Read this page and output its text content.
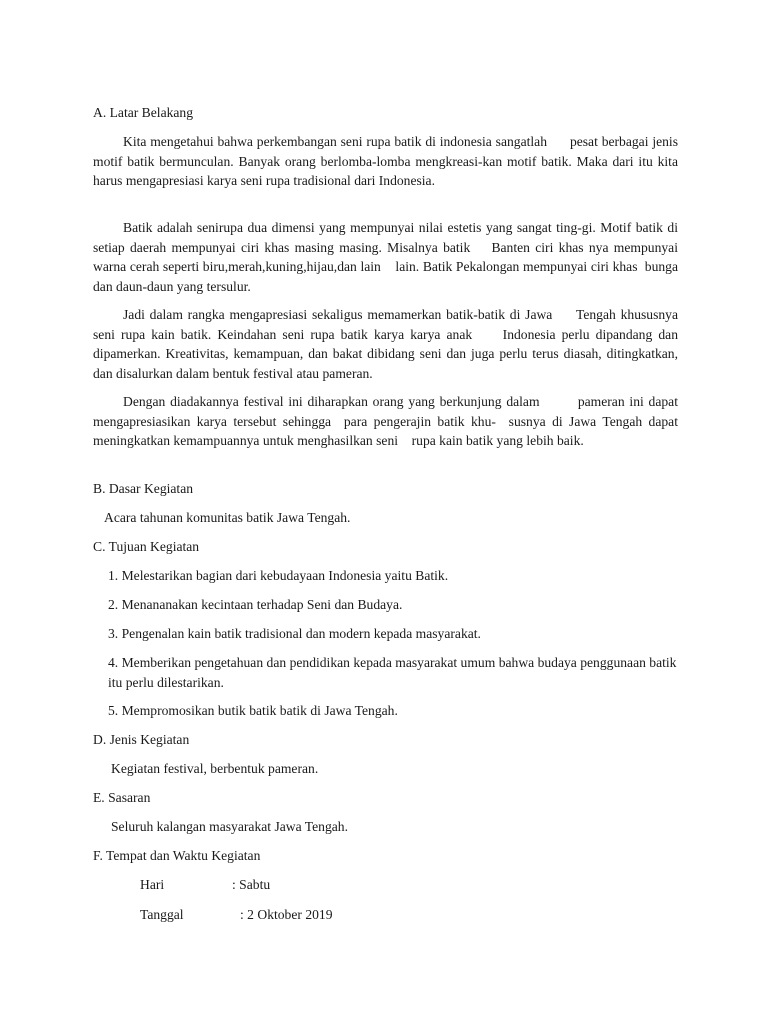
A. Latar Belakang

Kita mengetahui bahwa perkembangan seni rupa batik di indonesia sangatlah      pesat berbagai jenis motif batik bermunculan. Banyak orang berlomba-lomba mengkreasi-kan motif batik. Maka dari itu kita harus mengapresiasi karya seni rupa tradisional dari Indonesia.

Batik adalah senirupa dua dimensi yang mempunyai nilai estetis yang sangat ting-gi. Motif batik di setiap daerah mempunyai ciri khas masing masing. Misalnya batik    Banten ciri khas nya mempunyai warna cerah seperti biru,merah,kuning,hijau,dan lain    lain. Batik Pekalongan mempunyai ciri khas  bunga dan daun-daun yang tersulur.

Jadi dalam rangka mengapresiasi sekaligus memamerkan batik-batik di Jawa     Tengah khususnya seni rupa kain batik. Keindahan seni rupa batik karya karya anak     Indonesia perlu dipandang dan dipamerkan. Kreativitas, kemampuan, dan bakat dibidang seni dan juga perlu terus diasah, ditingkatkan, dan disalurkan dalam bentuk festival atau pameran.

Dengan diadakannya festival ini diharapkan orang yang berkunjung dalam        pameran ini dapat mengapresiasikan karya tersebut sehingga  para pengerajin batik khu-  susnya di Jawa Tengah dapat meningkatkan kemampuannya untuk menghasilkan seni    rupa kain batik yang lebih baik.

B. Dasar Kegiatan

Acara tahunan komunitas batik Jawa Tengah.

C. Tujuan Kegiatan

1. Melestarikan bagian dari kebudayaan Indonesia yaitu Batik.

2. Menananakan kecintaan terhadap Seni dan Budaya.

3. Pengenalan kain batik tradisional dan modern kepada masyarakat.

4. Memberikan pengetahuan dan pendidikan kepada masyarakat umum bahwa budaya penggunaan batik itu perlu dilestarikan.

5. Mempromosikan butik batik batik di Jawa Tengah.

D. Jenis Kegiatan

Kegiatan festival, berbentuk pameran.

E. Sasaran

Seluruh kalangan masyarakat Jawa Tengah.

F. Tempat dan Waktu Kegiatan

Hari	: Sabtu
Tanggal	: 2 Oktober 2019
